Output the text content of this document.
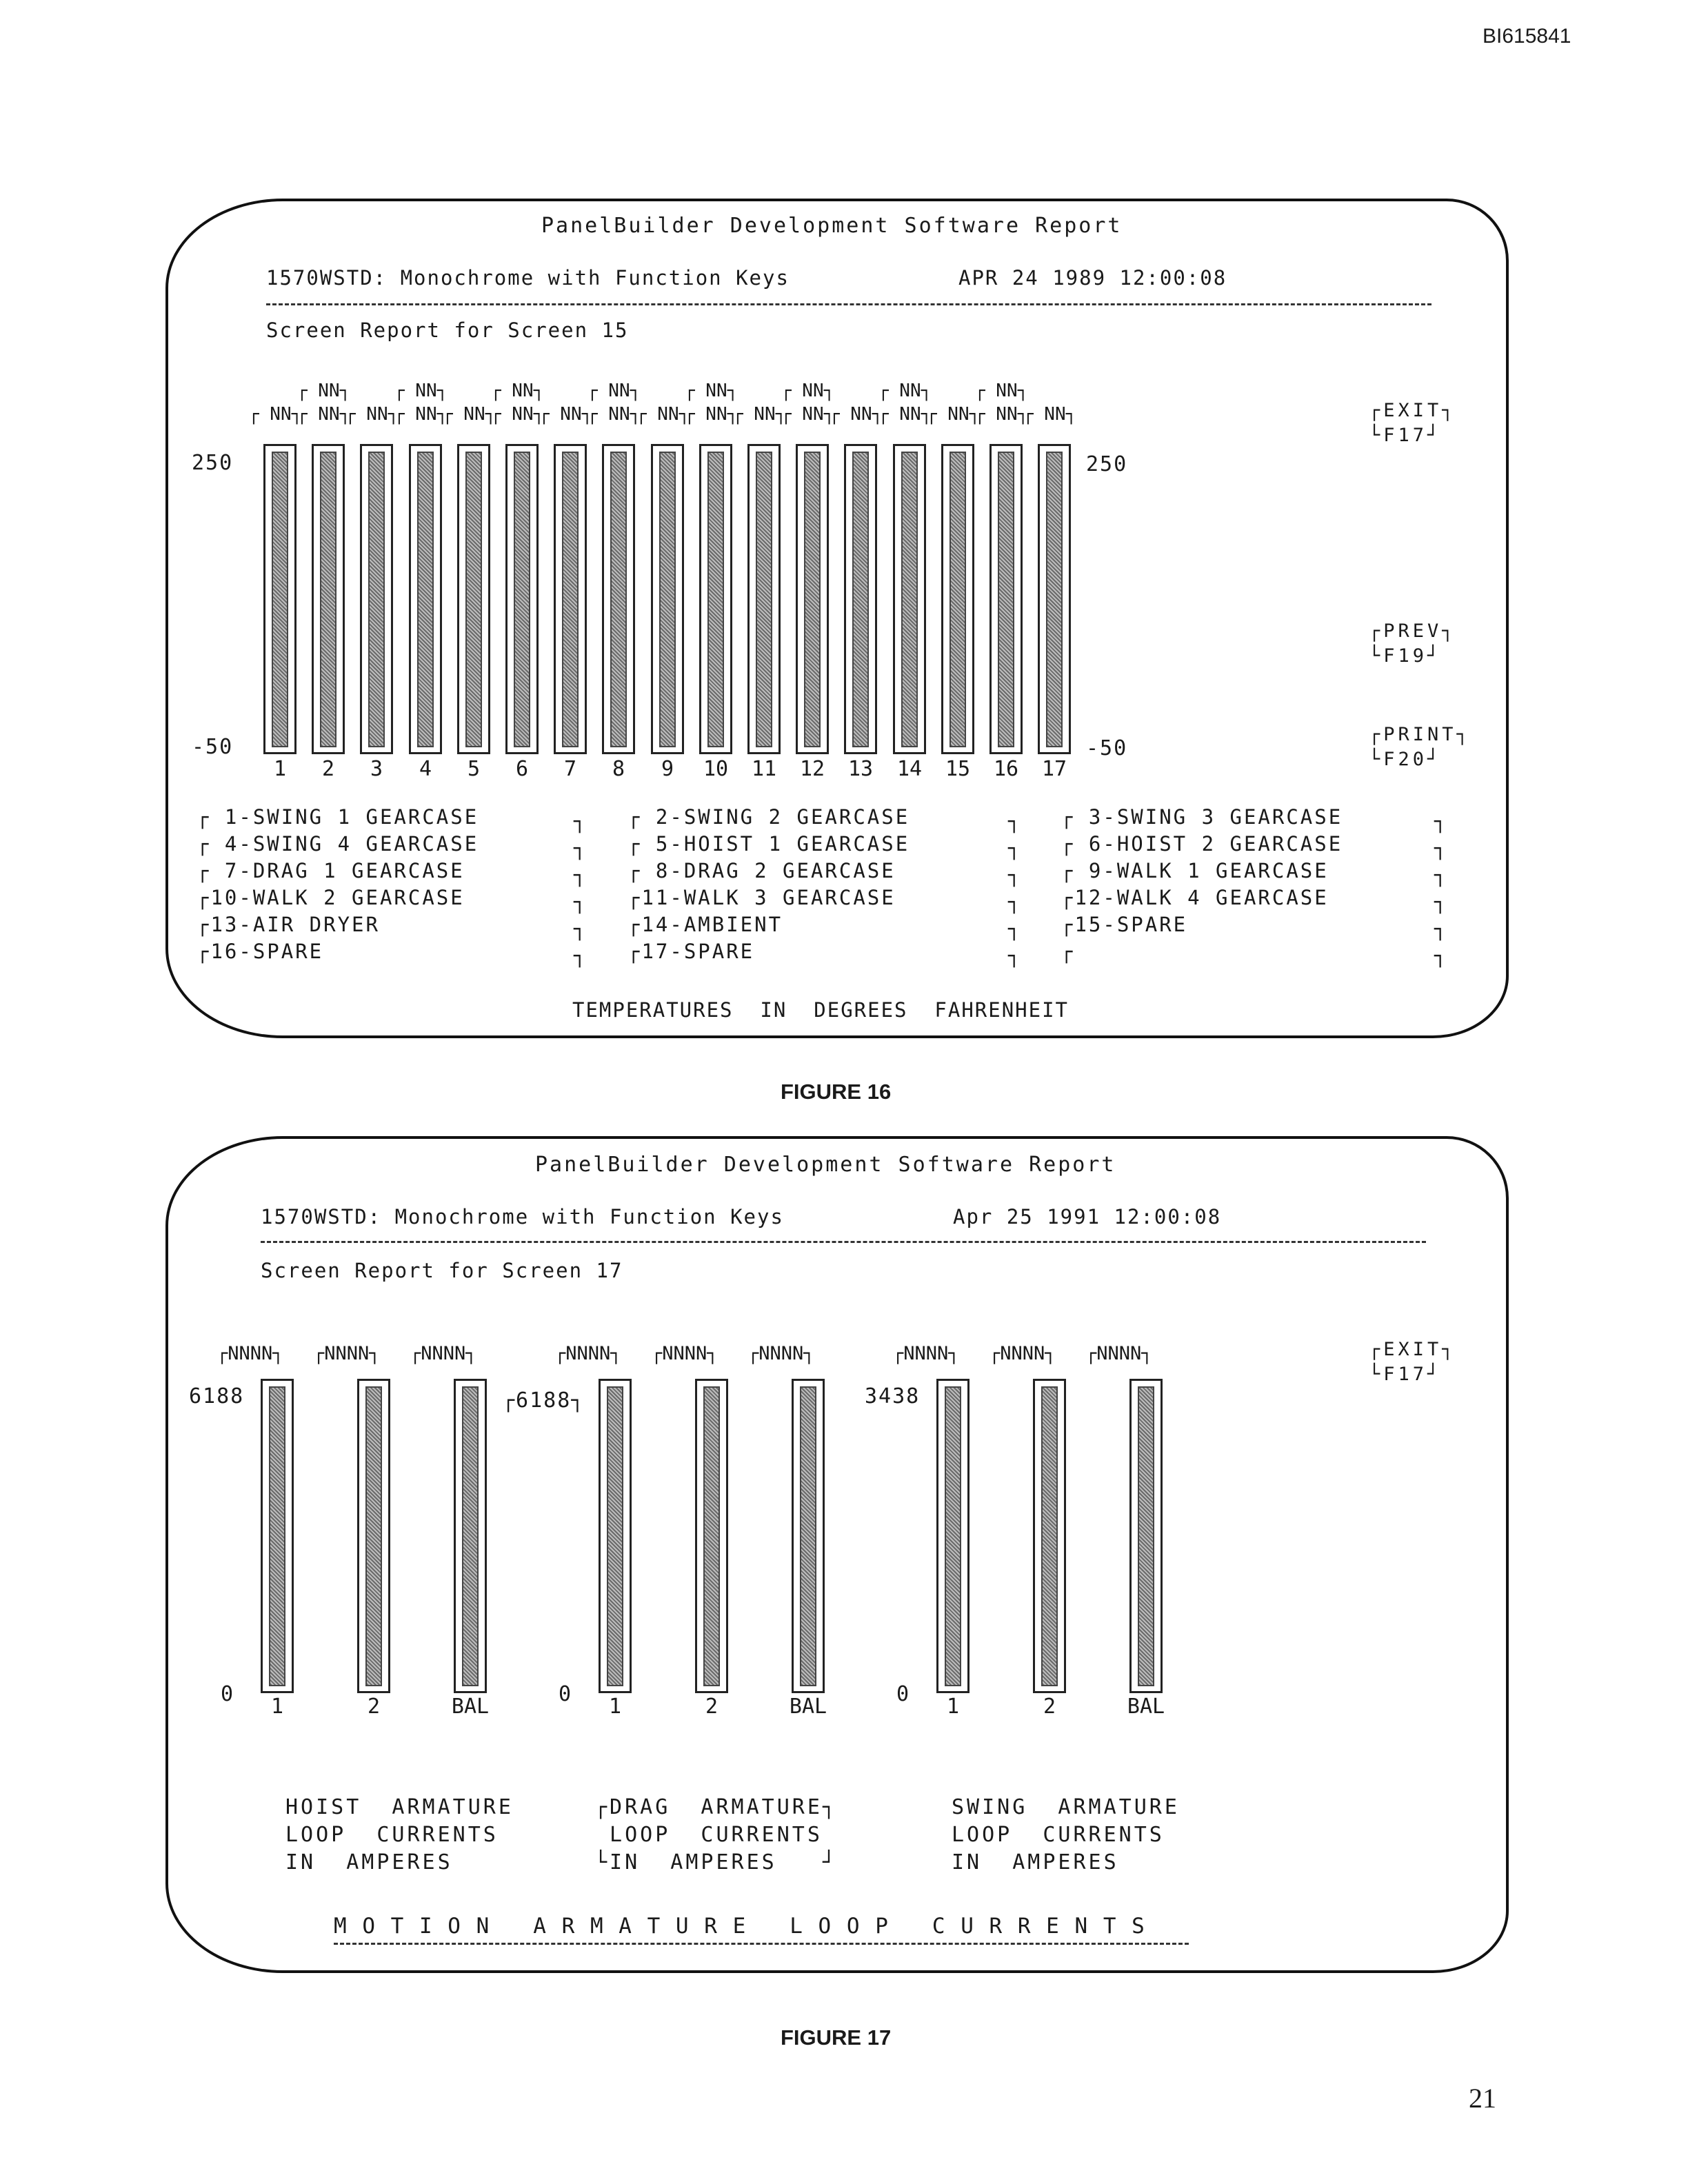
BI615841
PanelBuilder Development Software Report
1570WSTD: Monochrome with Function Keys	APR 24 1989 12:00:08
Screen Report for Screen 15
250
-50
250
-50
1
┌ NN┐
2
┌ NN┐
┌ NN┐
3
┌ NN┐
4
┌ NN┐
┌ NN┐
5
┌ NN┐
6
┌ NN┐
┌ NN┐
7
┌ NN┐
8
┌ NN┐
┌ NN┐
9
┌ NN┐
10
┌ NN┐
┌ NN┐
11
┌ NN┐
12
┌ NN┐
┌ NN┐
13
┌ NN┐
14
┌ NN┐
┌ NN┐
15
┌ NN┐
16
┌ NN┐
┌ NN┐
17
┌ NN┐	┌EXIT┐
└F17┘
┌PREV┐
└F19┘
┌PRINT┐
└F20┘
┌ 1-SWING 1 GEARCASE	┐
┌ 4-SWING 4 GEARCASE	┐
┌ 7-DRAG 1 GEARCASE	┐
┌10-WALK 2 GEARCASE	┐
┌13-AIR DRYER	┐
┌16-SPARE	┐
┌ 2-SWING 2 GEARCASE	┐
┌ 5-HOIST 1 GEARCASE	┐
┌ 8-DRAG 2 GEARCASE	┐
┌11-WALK 3 GEARCASE	┐
┌14-AMBIENT	┐
┌17-SPARE	┐
┌ 3-SWING 3 GEARCASE	┐
┌ 6-HOIST 2 GEARCASE	┐
┌ 9-WALK 1 GEARCASE	┐
┌12-WALK 4 GEARCASE	┐
┌15-SPARE	┐
┌	┐
TEMPERATURES  IN  DEGREES  FAHRENHEIT
FIGURE 16
PanelBuilder Development Software Report
1570WSTD: Monochrome with Function Keys	Apr 25 1991 12:00:08
Screen Report for Screen 17
┌EXIT┐
└F17┘
6188
0
┌NNNN┐
1
┌NNNN┐
2
┌NNNN┐
BAL
HOIST  ARMATURE
LOOP  CURRENTS
IN  AMPERES
┌6188┐
0
┌NNNN┐
1
┌NNNN┐
2
┌NNNN┐
BAL
┌DRAG  ARMATURE┐
LOOP  CURRENTS
└IN  AMPERES   ┘
3438
0
┌NNNN┐
1
┌NNNN┐
2
┌NNNN┐
BAL
SWING  ARMATURE
LOOP  CURRENTS
IN  AMPERES
M O T I O N   A R M A T U R E   L O O P   C U R R E N T S
FIGURE 17
21
